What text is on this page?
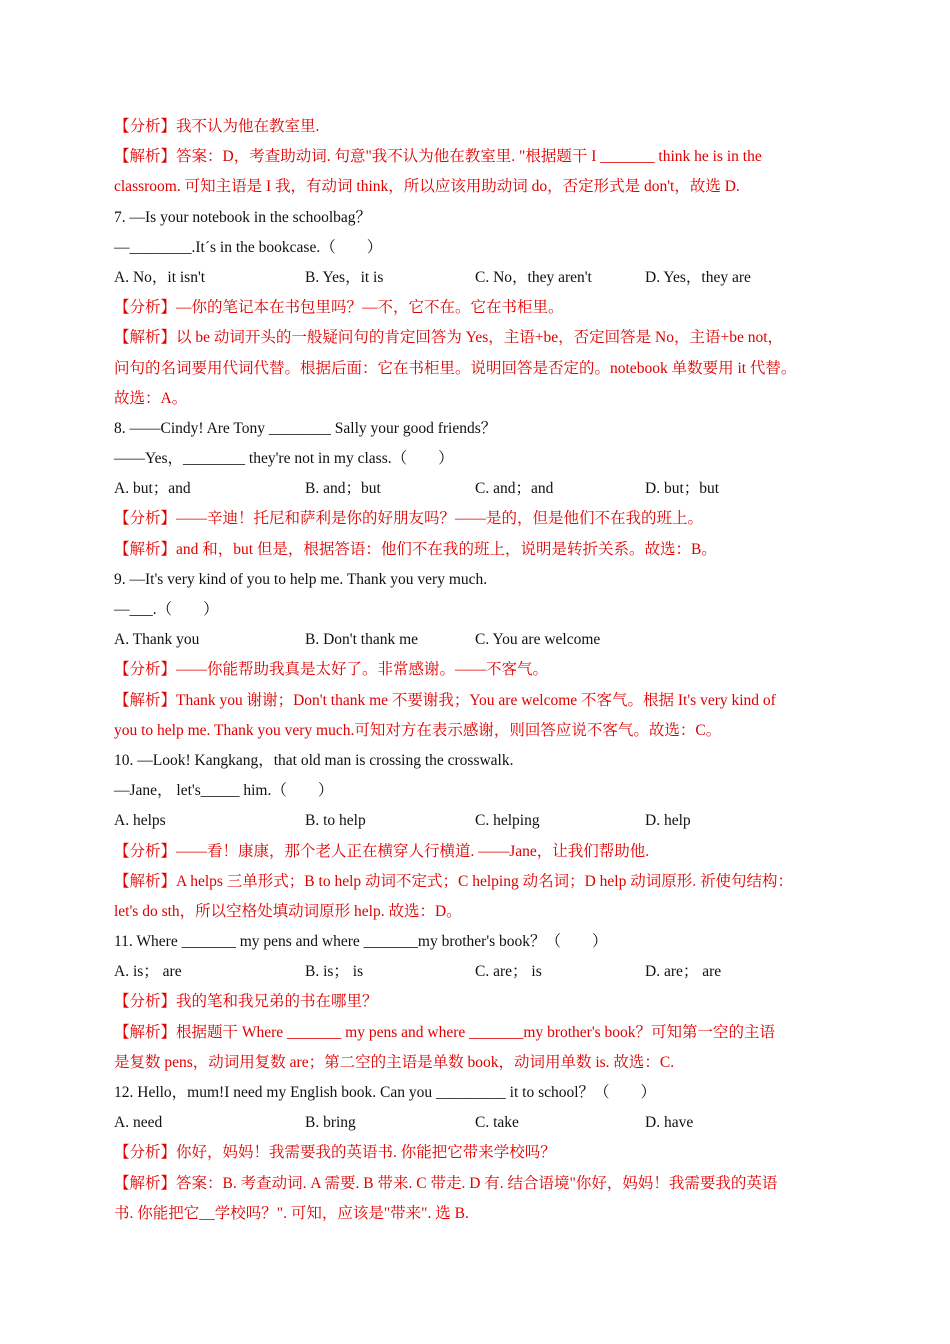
【分析】我不认为他在教室里.
【解析】答案：D，考查助动词. 句意"我不认为他在教室里. "根据题干 I _______ think he is in the
classroom. 可知主语是 I 我，有动词 think，所以应该用助动词 do，否定形式是 don't，故选 D.
7. —Is your notebook in the schoolbag？
—________.It´s in the bookcase.（　　）
A. No，it isn't	B. Yes，it is	C. No，they aren't	D. Yes，they are
【分析】—你的笔记本在书包里吗？—不，它不在。它在书柜里。
【解析】以 be 动词开头的一般疑问句的肯定回答为 Yes，主语+be，否定回答是 No，主语+be not，
问句的名词要用代词代替。根据后面：它在书柜里。说明回答是否定的。notebook 单数要用 it 代替。
故选：A。
8. ——Cindy! Are Tony ________ Sally your good friends？
——Yes，________ they're not in my class.（　　）
A. but；and	B. and；but	C. and；and	D. but；but
【分析】——辛迪！托尼和萨利是你的好朋友吗？——是的，但是他们不在我的班上。
【解析】and 和，but 但是，根据答语：他们不在我的班上，说明是转折关系。故选：B。
9. —It's very kind of you to help me. Thank you very much.
—___.（　　）
A. Thank you	B. Don't thank me	C. You are welcome
【分析】——你能帮助我真是太好了。非常感谢。——不客气。
【解析】Thank you 谢谢；Don't thank me 不要谢我；You are welcome 不客气。根据 It's very kind of
you to help me. Thank you very much.可知对方在表示感谢，则回答应说不客气。故选：C。
10. —Look! Kangkang，that old man is crossing the crosswalk.
—Jane， let's_____ him.（　　）
A. helps	B. to help	C. helping	D. help
【分析】——看！康康，那个老人正在横穿人行横道. ——Jane，让我们帮助他.
【解析】A helps 三单形式；B to help 动词不定式；C helping 动名词；D help 动词原形. 祈使句结构：
let's do sth，所以空格处填动词原形 help. 故选：D。
11. Where _______ my pens and where _______my brother's book？（　　）
A. is； are	B. is； is	C. are； is	D. are； are
【分析】我的笔和我兄弟的书在哪里？
【解析】根据题干 Where _______ my pens and where _______my brother's book？可知第一空的主语
是复数 pens，动词用复数 are；第二空的主语是单数 book，动词用单数 is. 故选：C.
12. Hello，mum!I need my English book. Can you _________ it to school？（　　）
A. need	B. bring	C. take	D. have
【分析】你好，妈妈！我需要我的英语书. 你能把它带来学校吗？
【解析】答案：B. 考查动词. A 需要. B 带来. C 带走. D 有. 结合语境"你好，妈妈！我需要我的英语
书. 你能把它__学校吗？". 可知，应该是"带来". 选 B.
